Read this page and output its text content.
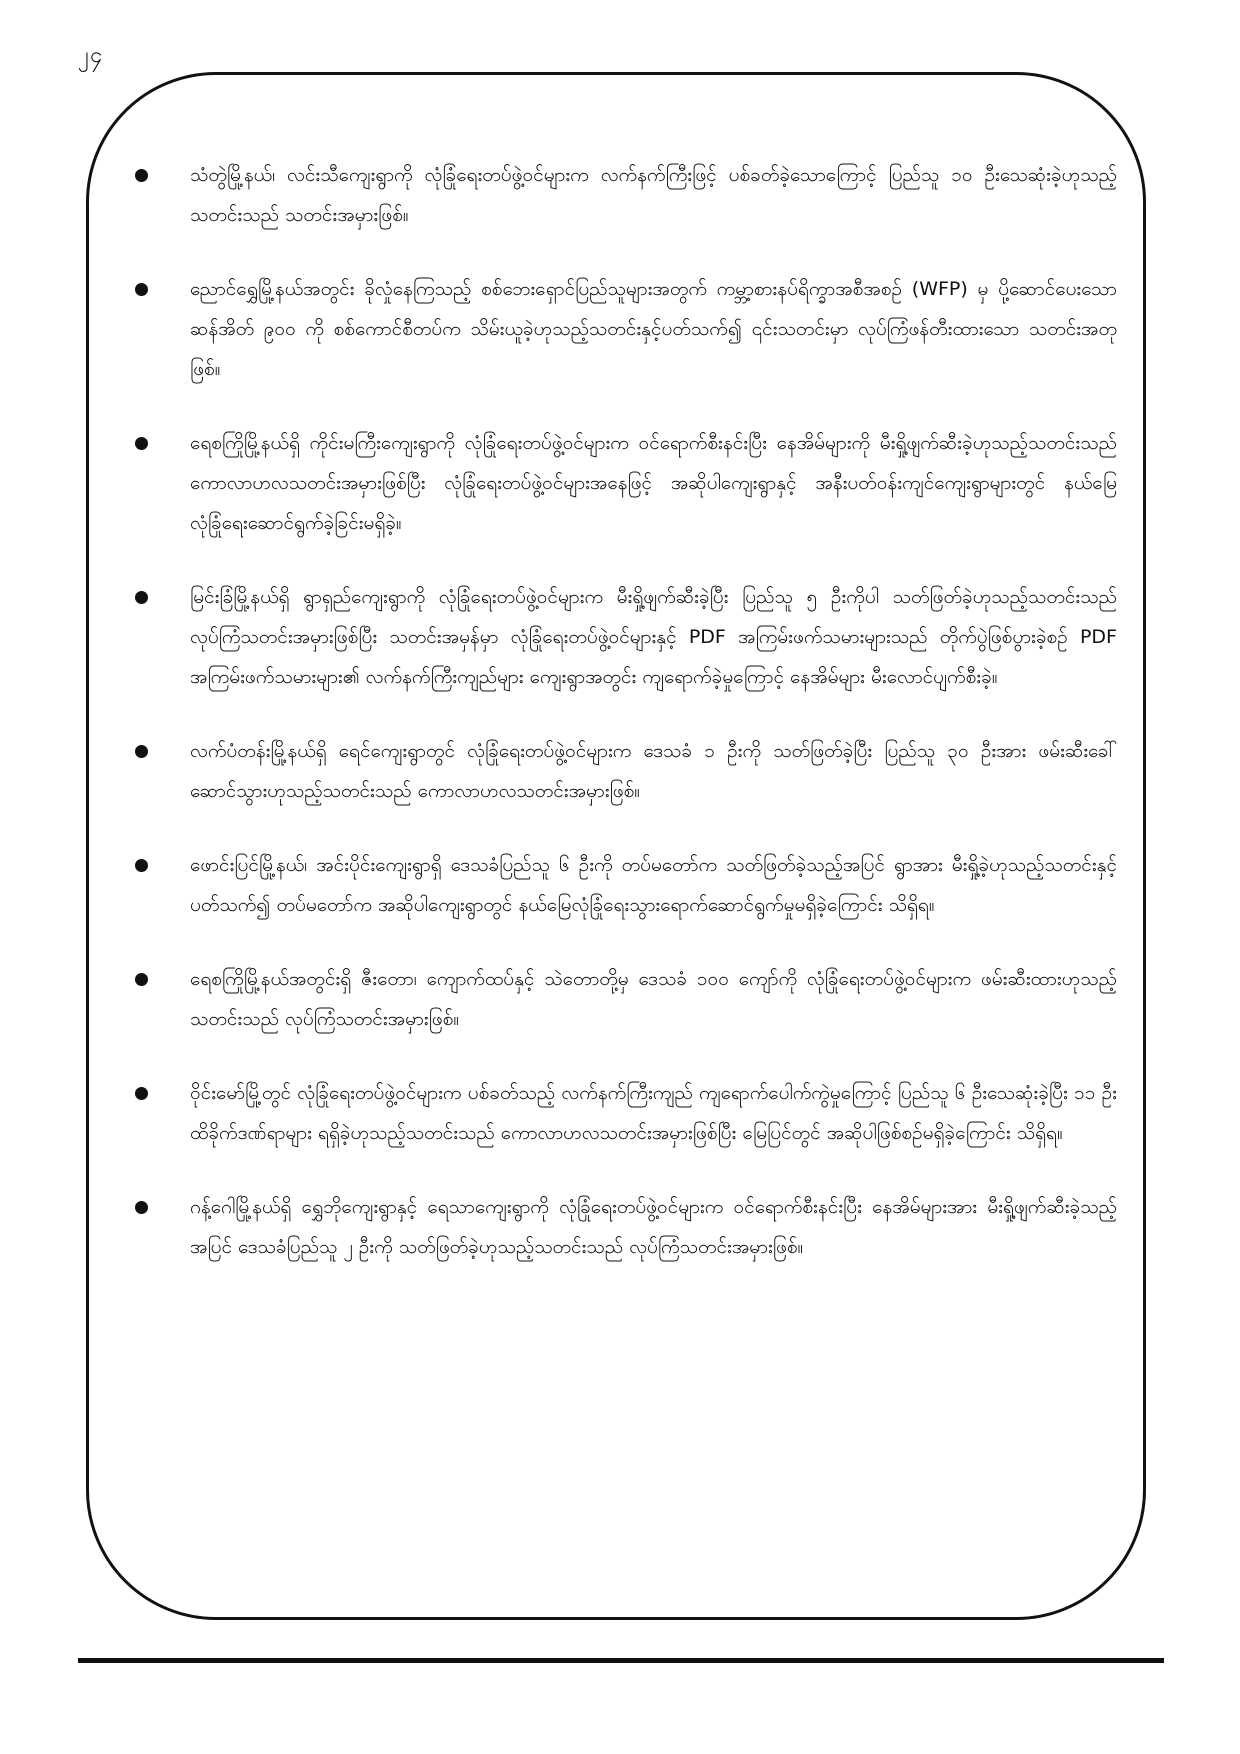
၂၄
သံတွဲမြို့နယ်၊ လင်းသီကျေးရွာကို လုံခြုံရေးတပ်ဖွဲ့ဝင်များက လက်နက်ကြီးဖြင့် ပစ်ခတ်ခဲ့သောကြောင့် ပြည်သူ ၁၀ ဦးသေဆုံးခဲ့ဟုသည့်သတင်းသည် သတင်းအမှားဖြစ်။
ညောင်ရွှေမြို့နယ်အတွင်း ခိုလှုံနေကြသည့် စစ်ဘေးရှောင်ပြည်သူများအတွက် ကမ္ဘာ့စားနပ်ရိက္ခာအစီအစဉ် (WFP) မှ ပို့ဆောင်ပေးသော ဆန်အိတ် ၉၀၀ ကို စစ်ကောင်စီတပ်က သိမ်းယူခဲ့ဟုသည့်သတင်းနှင့်ပတ်သက်၍ ၎င်းသတင်းမှာ လုပ်ကြံဖန်တီးထားသော သတင်းအတုဖြစ်။
ရေစကြိုမြို့နယ်ရှိ ကိုင်းမကြီးကျေးရွာကို လုံခြုံရေးတပ်ဖွဲ့ဝင်များက ဝင်ရောက်စီးနင်းပြီး နေအိမ်များကို မီးရှို့ဖျက်ဆီးခဲ့ဟုသည့်သတင်းသည် ကောလာဟလသတင်းအမှားဖြစ်ပြီး လုံခြုံရေးတပ်ဖွဲ့ဝင်များအနေဖြင့် အဆိုပါကျေးရွာနှင့် အနီးပတ်ဝန်းကျင်ကျေးရွာများတွင် နယ်မြေလုံခြုံရေးဆောင်ရွက်ခဲ့ခြင်းမရှိခဲ့။
မြင်းခြံမြို့နယ်ရှိ ရွာရှည်ကျေးရွာကို လုံခြုံရေးတပ်ဖွဲ့ဝင်များက မီးရှို့ဖျက်ဆီးခဲ့ပြီး ပြည်သူ ၅ ဦးကိုပါ သတ်ဖြတ်ခဲ့ဟုသည့်သတင်းသည် လုပ်ကြံသတင်းအမှားဖြစ်ပြီး သတင်းအမှန်မှာ လုံခြုံရေးတပ်ဖွဲ့ဝင်များနှင့် PDF အကြမ်းဖက်သမားများသည် တိုက်ပွဲဖြစ်ပွားခဲ့စဉ် PDF အကြမ်းဖက်သမားများ၏ လက်နက်ကြီးကျည်များ ကျေးရွာအတွင်း ကျရောက်ခဲ့မှုကြောင့် နေအိမ်များ မီးလောင်ပျက်စီးခဲ့။
လက်ပံတန်းမြို့နယ်ရှိ ရေင်ကျေးရွာတွင် လုံခြုံရေးတပ်ဖွဲ့ဝင်များက ဒေသခံ ၁ ဦးကို သတ်ဖြတ်ခဲ့ပြီး ပြည်သူ ၃၀ ဦးအား ဖမ်းဆီးခေါ်ဆောင်သွားဟုသည့်သတင်းသည် ကောလာဟလသတင်းအမှားဖြစ်။
ဖောင်းပြင်မြို့နယ်၊ အင်းပိုင်းကျေးရွာရှိ ဒေသခံပြည်သူ ၆ ဦးကို တပ်မတော်က သတ်ဖြတ်ခဲ့သည့်အပြင် ရွာအား မီးရှို့ခဲ့ဟုသည့်သတင်းနှင့်ပတ်သက်၍ တပ်မတော်က အဆိုပါကျေးရွာတွင် နယ်မြေလုံခြုံရေးသွားရောက်ဆောင်ရွက်မှုမရှိခဲ့ကြောင်း သိရှိရ။
ရေစကြိုမြို့နယ်အတွင်းရှိ ဇီးတော၊ ကျောက်ထပ်နှင့် သဲတောတို့မှ ဒေသခံ ၁၀၀ ကျော်ကို လုံခြုံရေးတပ်ဖွဲ့ဝင်များက ဖမ်းဆီးထားဟုသည့်သတင်းသည် လုပ်ကြံသတင်းအမှားဖြစ်။
ဝိုင်းမော်မြို့တွင် လုံခြုံရေးတပ်ဖွဲ့ဝင်များက ပစ်ခတ်သည့် လက်နက်ကြီးကျည် ကျရောက်ပေါက်ကွဲမှုကြောင့် ပြည်သူ ၆ ဦးသေဆုံးခဲ့ပြီး ၁၁ ဦးထိခိုက်ဒဏ်ရာများ ရရှိခဲ့ဟုသည့်သတင်းသည် ကောလာဟလသတင်းအမှားဖြစ်ပြီး မြေပြင်တွင် အဆိုပါဖြစ်စဉ်မရှိခဲ့ကြောင်း သိရှိရ။
ဂန့်ဂေါမြို့နယ်ရှိ ရွှေဘိုကျေးရွာနှင့် ရေသာကျေးရွာကို လုံခြုံရေးတပ်ဖွဲ့ဝင်များက ဝင်ရောက်စီးနင်းပြီး နေအိမ်များအား မီးရှို့ဖျက်ဆီးခဲ့သည့်အပြင် ဒေသခံပြည်သူ ၂ ဦးကို သတ်ဖြတ်ခဲ့ဟုသည့်သတင်းသည် လုပ်ကြံသတင်းအမှားဖြစ်။
